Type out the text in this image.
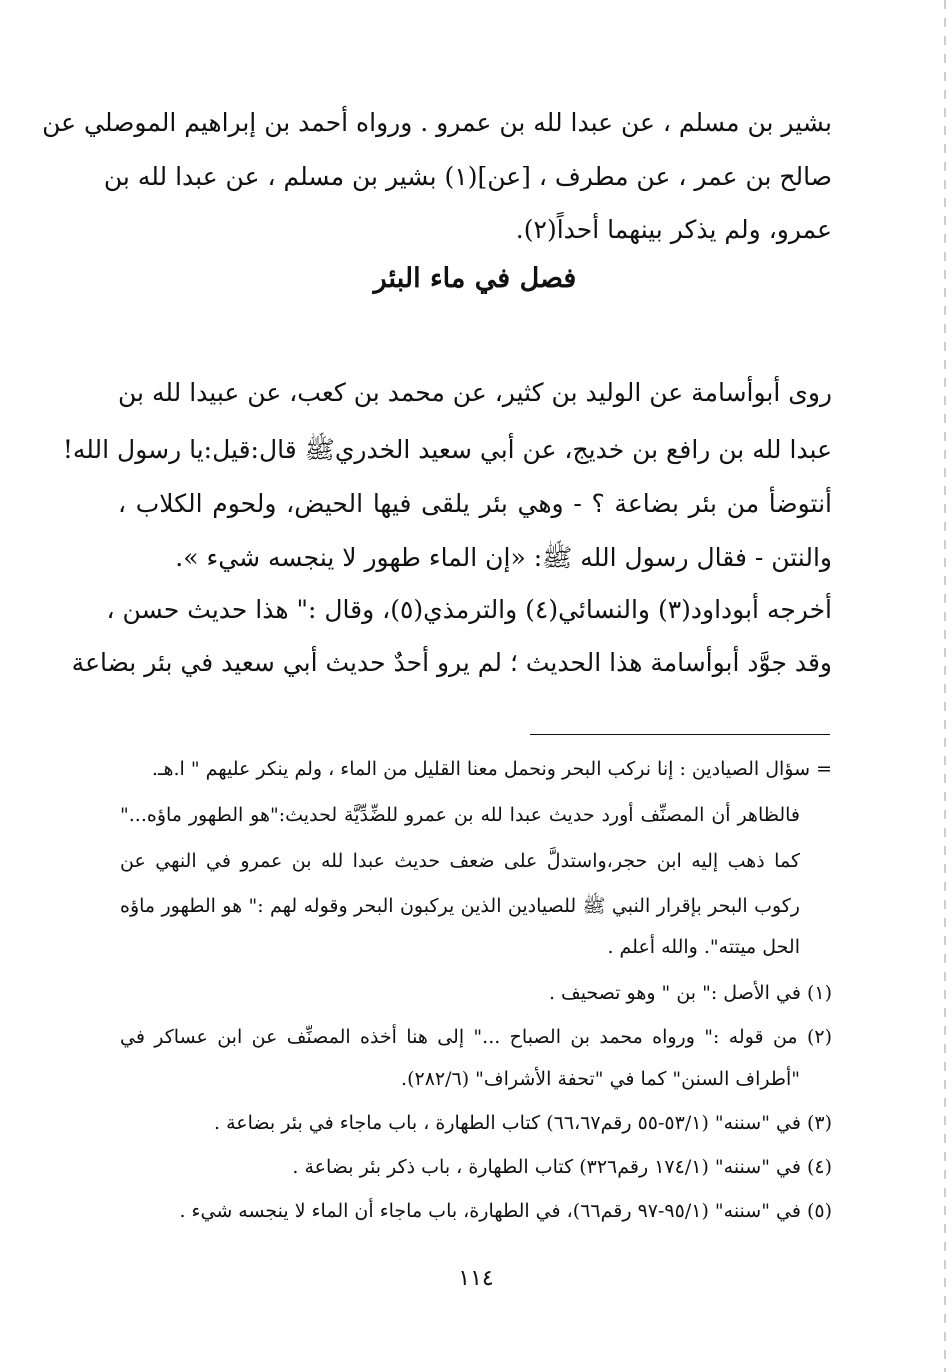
بشير بن مسلم ، عن عبدا لله بن عمرو . ورواه أحمد بن إبراهيم الموصلي عن
صالح بن عمر ، عن مطرف ، [عن](١) بشير بن مسلم ، عن عبدا لله بن
عمرو، ولم يذكر بينهما أحداً(٢).
فصل في ماء البئر
روى أبوأسامة عن الوليد بن كثير، عن محمد بن كعب، عن عبيدا لله بن
عبدا لله بن رافع بن خديج، عن أبي سعيد الخدريﷺ قال:قيل:يا رسول الله!
أنتوضأ من بئر بضاعة ؟ - وهي بئر يلقى فيها الحيض، ولحوم الكلاب ،
والنتن - فقال رسول الله ﷺ: «إن الماء طهور لا ينجسه شيء ».
أخرجه أبوداود(٣) والنسائي(٤) والترمذي(٥)، وقال :" هذا حديث حسن ،
وقد جوَّد أبوأسامة هذا الحديث ؛ لم يرو أحدٌ حديث أبي سعيد في بئر بضاعة
= سؤال الصيادين : إنا نركب البحر ونحمل معنا القليل من الماء ، ولم ينكر عليهم " ا.هـ.
فالظاهر أن المصنِّف أورد حديث عبدا لله بن عمرو للضِّدِّيَّة لحديث:"هو الطهور ماؤه..."
كما ذهب إليه ابن حجر،واستدلَّ على ضعف حديث عبدا لله بن عمرو في النهي عن
ركوب البحر بإقرار النبي ﷺ للصيادين الذين يركبون البحر وقوله لهم :" هو الطهور ماؤه
الحل ميتته". والله أعلم .
(١) في الأصل :" بن " وهو تصحيف .
(٢) من قوله :" ورواه محمد بن الصباح ..." إلى هنا أخذه المصنِّف عن ابن عساكر في
"أطراف السنن" كما في "تحفة الأشراف" (٢٨٢/٦).
(٣) في "سننه" (٥٣/١-٥٥ رقم٦٦،٦٧) كتاب الطهارة ، باب ماجاء في بئر بضاعة .
(٤) في "سننه" (١٧٤/١ رقم٣٢٦) كتاب الطهارة ، باب ذكر بئر بضاعة .
(٥) في "سننه" (٩٥/١-٩٧ رقم٦٦)، في الطهارة، باب ماجاء أن الماء لا ينجسه شيء .
١١٤
